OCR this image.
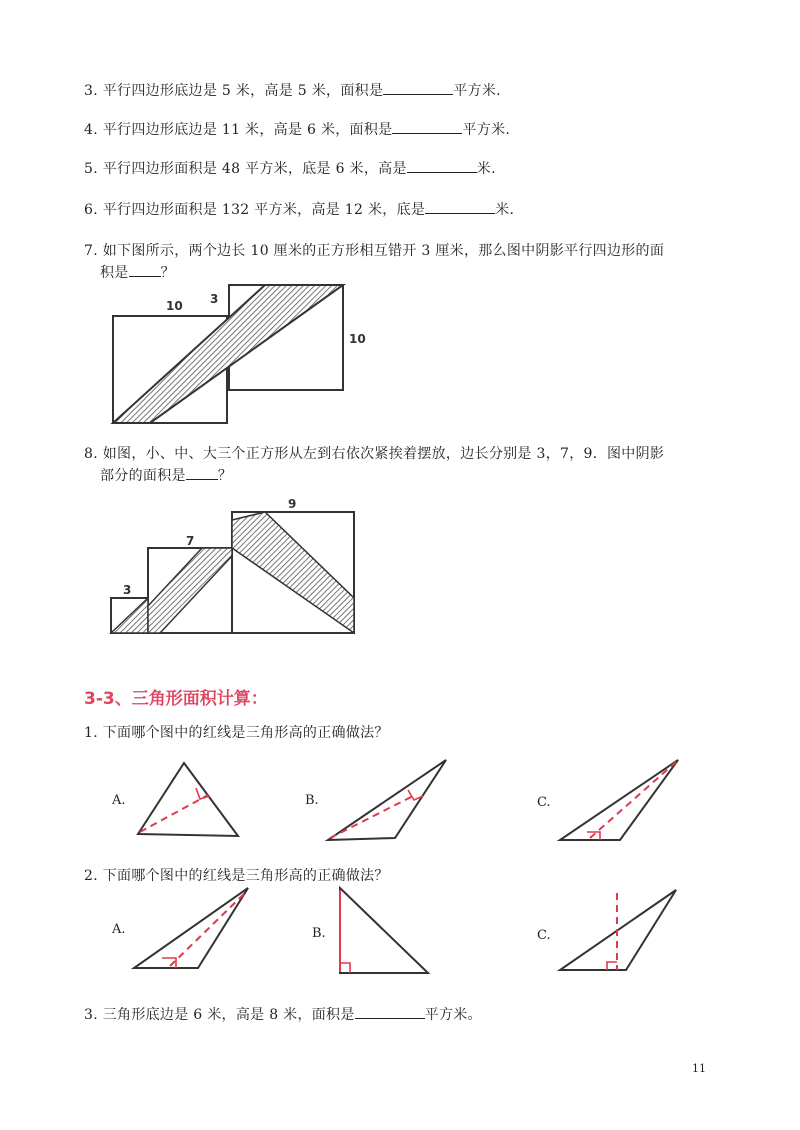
3. 平行四边形底边是 5 米，高是 5 米，面积是	平方米.
4. 平行四边形底边是 11 米，高是 6 米，面积是	平方米.
5. 平行四边形面积是 48 平方米，底是 6 米，高是	米.
6. 平行四边形面积是 132 平方米，高是 12 米，底是	米.
7. 如下图所示，两个边长 10 厘米的正方形相互错开 3 厘米，那么图中阴影平行四边形的面
积是 ？
10 3
10
8. 如图，小、中、大三个正方形从左到右依次紧挨着摆放，边长分别是 3，7，9．图中阴影
部分的面积是 ？
3
7
9
3-3、三角形面积计算：
1. 下面哪个图中的红线是三角形高的正确做法？
A.	B.	C.
2. 下面哪个图中的红线是三角形高的正确做法？
A.	B.	C.
3. 三角形底边是 6 米，高是 8 米，面积是	平方米。
11
